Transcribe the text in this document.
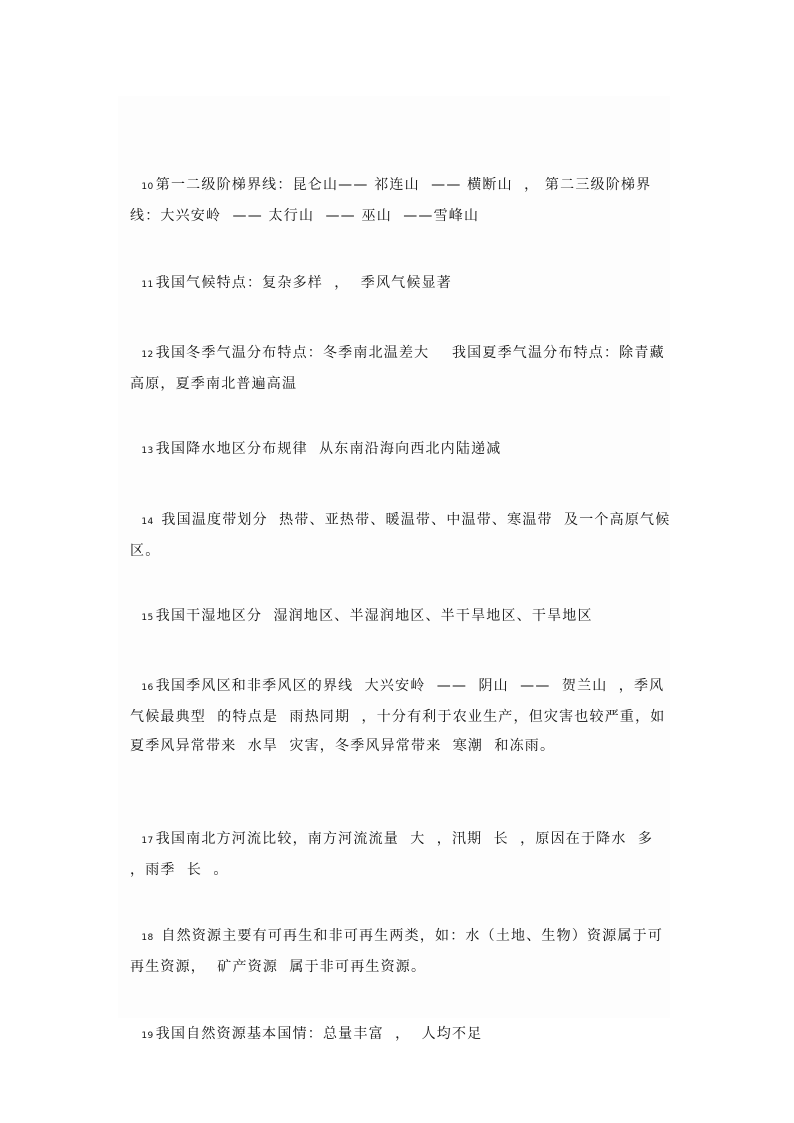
10 第一二级阶梯界线：昆仑山—— 祁连山  —— 横断山  ， 第二三级阶梯界线：大兴安岭  —— 太行山  —— 巫山  ——雪峰山

11 我国气候特点：复杂多样  ，  季风气候显著

12 我国冬季气温分布特点：冬季南北温差大    我国夏季气温分布特点：除青藏高原，夏季南北普遍高温

13 我国降水地区分布规律  从东南沿海向西北内陆递减

14 我国温度带划分  热带、亚热带、暖温带、中温带、寒温带  及一个高原气候区。

15 我国干湿地区分  湿润地区、半湿润地区、半干旱地区、干旱地区

16 我国季风区和非季风区的界线  大兴安岭  ——  阴山  ——  贺兰山  ，季风气候最典型  的特点是  雨热同期  ，十分有利于农业生产，但灾害也较严重，如夏季风异常带来  水旱  灾害，冬季风异常带来  寒潮  和冻雨。

17 我国南北方河流比较，南方河流流量  大  ，汛期  长  ，原因在于降水  多  ，雨季  长  。

18 自然资源主要有可再生和非可再生两类，如：水（土地、生物）资源属于可再生资源，  矿产资源  属于非可再生资源。

19 我国自然资源基本国情：总量丰富  ，  人均不足
